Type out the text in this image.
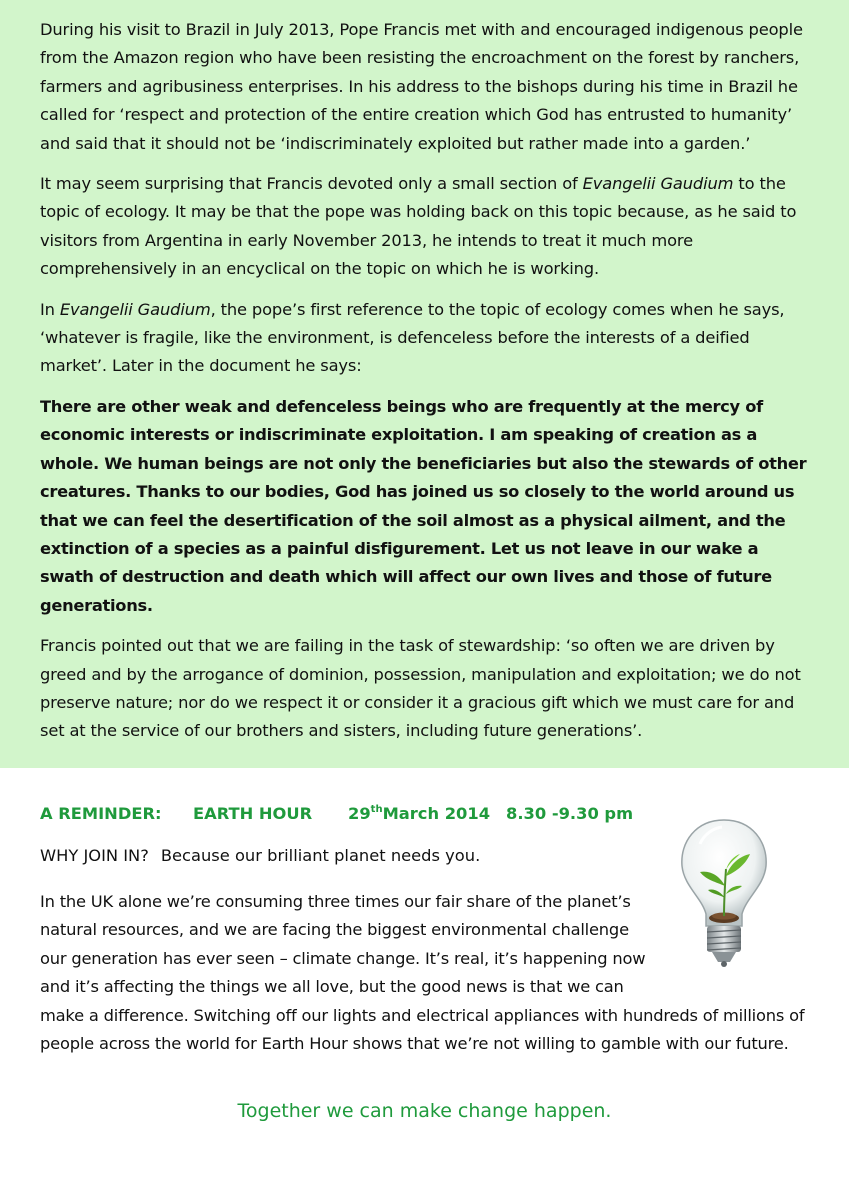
During his visit to Brazil in July 2013, Pope Francis met with and encouraged indigenous people from the Amazon region who have been resisting the encroachment on the forest by ranchers, farmers and agribusiness enterprises. In his address to the bishops during his time in Brazil he called for ‘respect and protection of the entire creation which God has entrusted to humanity’ and said that it should not be ‘indiscriminately exploited but rather made into a garden.’

It may seem surprising that Francis devoted only a small section of Evangelii Gaudium to the topic of ecology. It may be that the pope was holding back on this topic because, as he said to visitors from Argentina in early November 2013, he intends to treat it much more comprehensively in an encyclical on the topic on which he is working.

In Evangelii Gaudium, the pope’s first reference to the topic of ecology comes when he says, ‘whatever is fragile, like the environment, is defenceless before the interests of a deified market’. Later in the document he says:

There are other weak and defenceless beings who are frequently at the mercy of economic interests or indiscriminate exploitation. I am speaking of creation as a whole. We human beings are not only the beneficiaries but also the stewards of other creatures. Thanks to our bodies, God has joined us so closely to the world around us that we can feel the desertification of the soil almost as a physical ailment, and the extinction of a species as a painful disfigurement. Let us not leave in our wake a swath of destruction and death which will affect our own lives and those of future generations.

Francis pointed out that we are failing in the task of stewardship: ‘so often we are driven by greed and by the arrogance of dominion, possession, manipulation and exploitation; we do not preserve nature; nor do we respect it or consider it a gracious gift which we must care for and set at the service of our brothers and sisters, including future generations’.

A REMINDER: EARTH HOUR 29thMarch 2014 8.30 -9.30 pm
WHY JOIN IN? Because our brilliant planet needs you.

In the UK alone we’re consuming three times our fair share of the planet’s natural resources, and we are facing the biggest environmental challenge our generation has ever seen – climate change. It’s real, it’s happening now and it’s affecting the things we all love, but the good news is that we can make a difference. Switching off our lights and electrical appliances with hundreds of millions of people across the world for Earth Hour shows that we’re not willing to gamble with our future.

Together we can make change happen.
